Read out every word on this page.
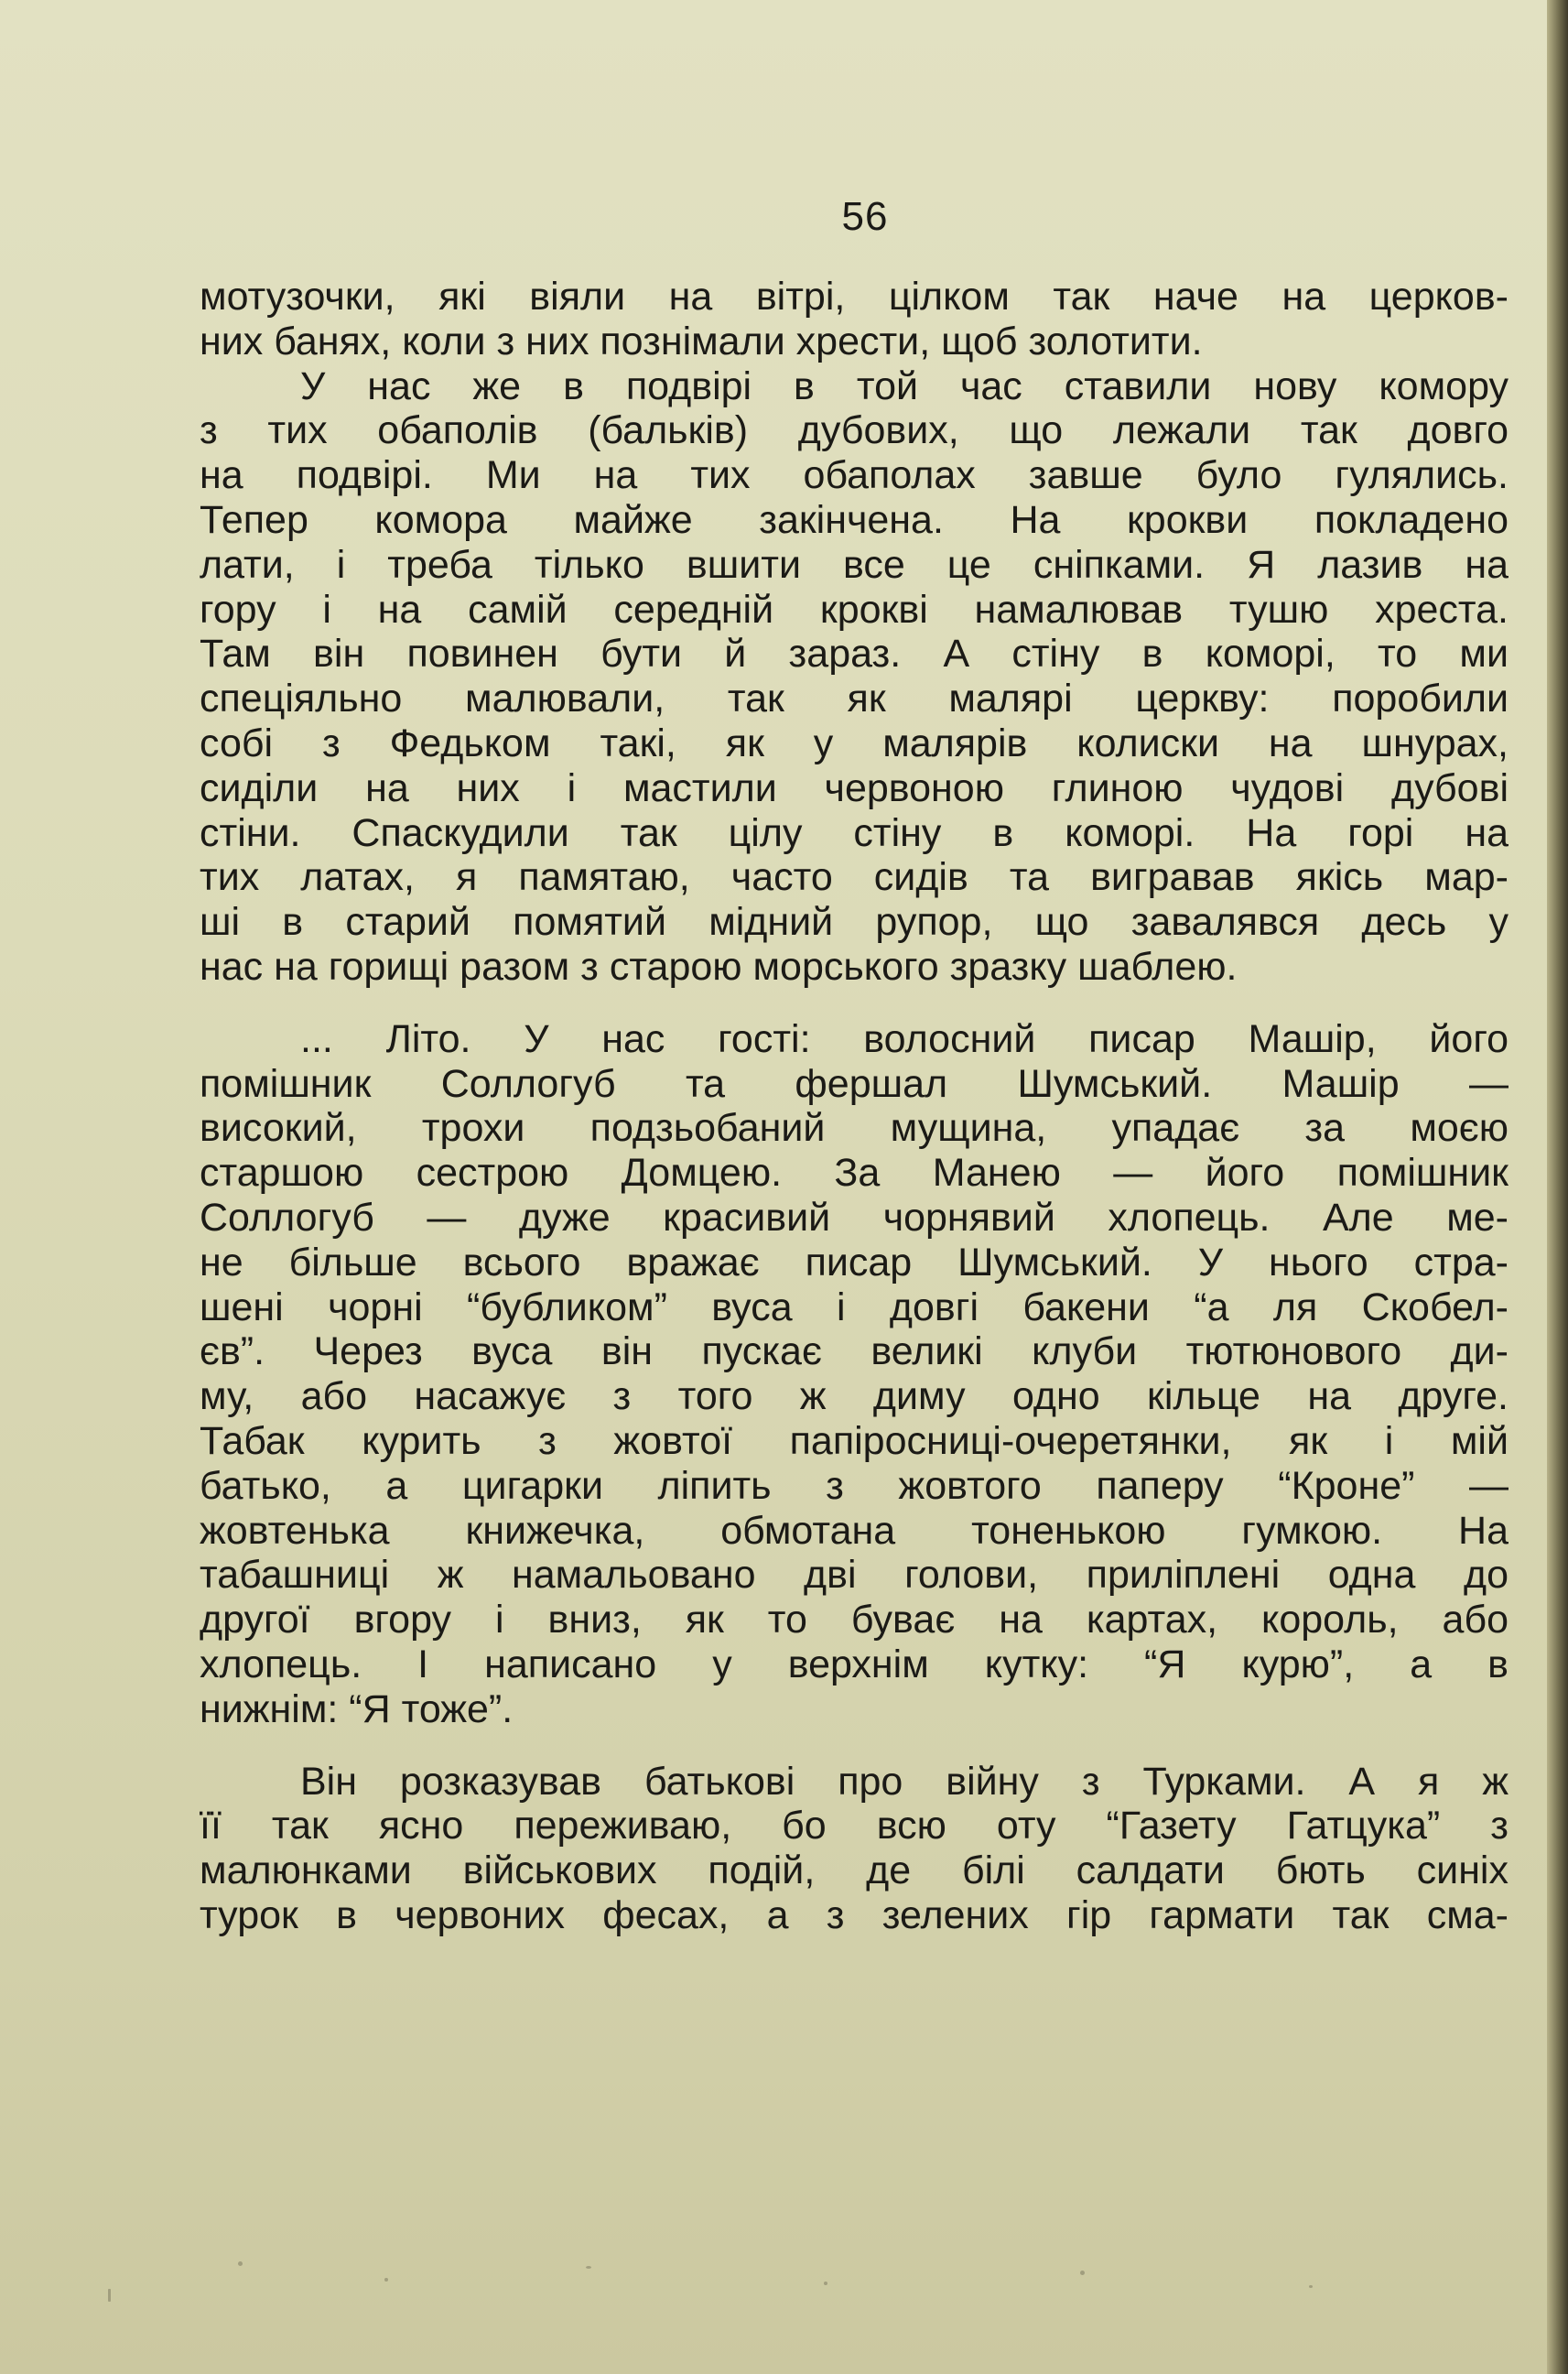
56
мотузочки, які віяли на вітрі, цілком так наче на церков-
них банях, коли з них познімали хрести, щоб золотити.
У нас же в подвірі в той час ставили нову комору
з тих обаполів (бальків) дубових, що лежали так довго
на подвірі. Ми на тих обаполах завше було гулялись.
Тепер комора майже закінчена. На крокви покладено
лати, і треба тілько вшити все це сніпками. Я лазив на
гору і на самій середній крокві намалював тушю хреста.
Там він повинен бути й зараз. А стіну в коморі, то ми
спеціяльно малювали, так як малярі церкву: поробили
собі з Федьком такі, як у малярів колиски на шнурах,
сиділи на них і мастили червоною глиною чудові дубові
стіни. Спаскудили так цілу стіну в коморі. На горі на
тих латах, я памятаю, часто сидів та вигравав якісь мар-
ші в старий помятий мідний рупор, що завалявся десь у
нас на горищі разом з старою морського зразку шаблею.
... Літо. У нас гості: волосний писар Машір, його
помішник Соллогуб та фершал Шумський. Машір —
високий, трохи подзьобаний мущина, упадає за моєю
старшою сестрою Домцею. За Манею — його помішник
Соллогуб — дуже красивий чорнявий хлопець. Але ме-
не більше всього вражає писар Шумський. У нього стра-
шені чорні “бубликом” вуса і довгі бакени “а ля Скобел-
єв”. Через вуса він пускає великі клуби тютюнового ди-
му, або насажує з того ж диму одно кільце на друге.
Табак курить з жовтої папіросниці-очеретянки, як і мій
батько, а цигарки ліпить з жовтого паперу “Кроне” —
жовтенька книжечка, обмотана тоненькою гумкою. На
табашниці ж намальовано дві голови, приліплені одна до
другої вгору і вниз, як то буває на картах, король, або
хлопець. І написано у верхнім кутку: “Я курю”, а в
нижнім: “Я тоже”.
Він розказував батькові про війну з Турками. А я ж
її так ясно переживаю, бо всю оту “Газету Гатцука” з
малюнками військових подій, де білі салдати бють синіх
турок в червоних фесах, а з зелених гір гармати так сма-
